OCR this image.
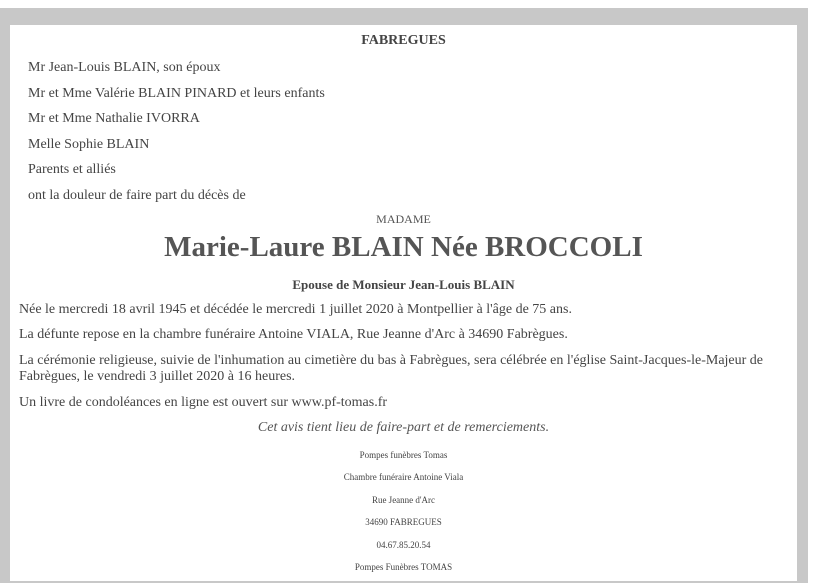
FABREGUES
Mr Jean-Louis BLAIN, son époux
Mr et Mme Valérie BLAIN PINARD et leurs enfants
Mr et Mme Nathalie IVORRA
Melle Sophie BLAIN
Parents et alliés
ont la douleur de faire part du décès de
MADAME
Marie-Laure BLAIN Née BROCCOLI
Epouse de Monsieur Jean-Louis BLAIN
Née le mercredi 18 avril 1945 et décédée le mercredi 1 juillet 2020 à Montpellier à l'âge de 75 ans.
La défunte repose en la chambre funéraire Antoine VIALA, Rue Jeanne d'Arc à 34690 Fabrègues.
La cérémonie religieuse, suivie de l'inhumation au cimetière du bas à Fabrègues, sera célébrée en l'église Saint-Jacques-le-Majeur de Fabrègues, le vendredi 3 juillet 2020 à 16 heures.
Un livre de condoléances en ligne est ouvert sur www.pf-tomas.fr
Cet avis tient lieu de faire-part et de remerciements.
Pompes funèbres Tomas
Chambre funéraire Antoine Viala
Rue Jeanne d'Arc
34690 FABREGUES
04.67.85.20.54
Pompes Funèbres TOMAS
